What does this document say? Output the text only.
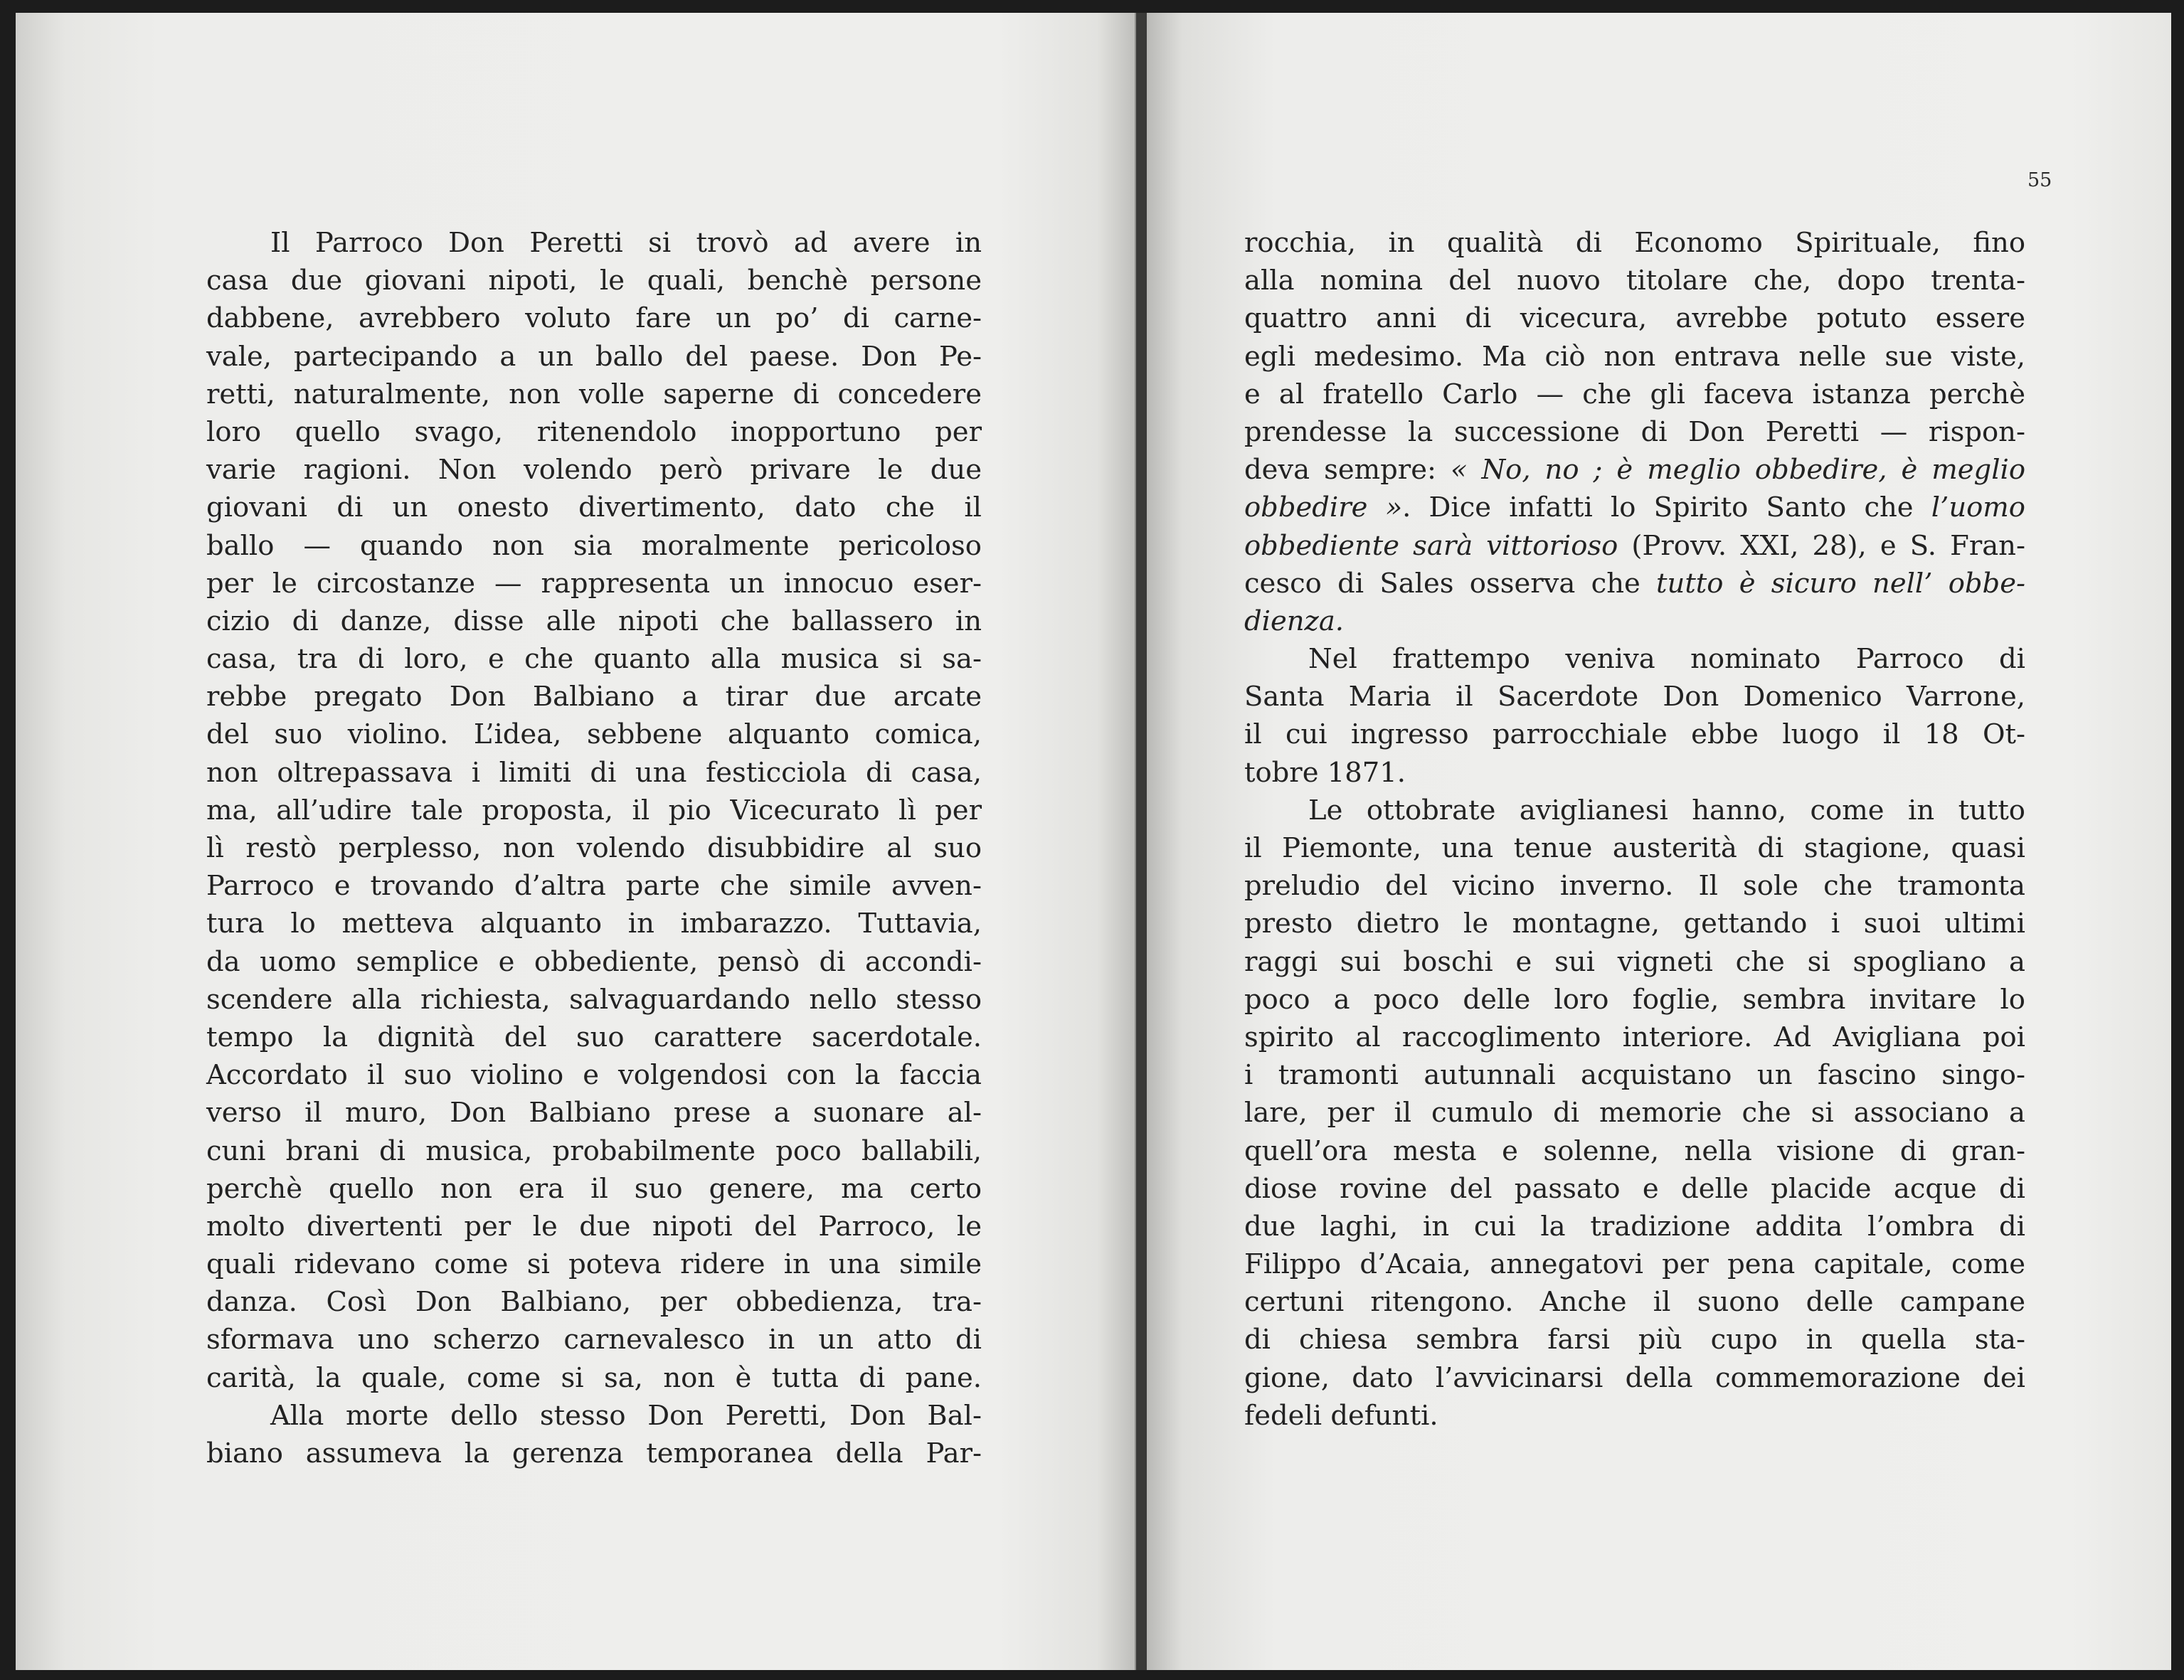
Il Parroco Don Peretti si trovò ad avere in
casa due giovani nipoti, le quali, benchè persone
dabbene, avrebbero voluto fare un po’ di carne-
vale, partecipando a un ballo del paese. Don Pe-
retti, naturalmente, non volle saperne di concedere
loro quello svago, ritenendolo inopportuno per
varie ragioni. Non volendo però privare le due
giovani di un onesto divertimento, dato che il
ballo — quando non sia moralmente pericoloso
per le circostanze — rappresenta un innocuo eser-
cizio di danze, disse alle nipoti che ballassero in
casa, tra di loro, e che quanto alla musica si sa-
rebbe pregato Don Balbiano a tirar due arcate
del suo violino. L’idea, sebbene alquanto comica,
non oltrepassava i limiti di una festicciola di casa,
ma, all’udire tale proposta, il pio Vicecurato lì per
lì restò perplesso, non volendo disubbidire al suo
Parroco e trovando d’altra parte che simile avven-
tura lo metteva alquanto in imbarazzo. Tuttavia,
da uomo semplice e obbediente, pensò di accondi-
scendere alla richiesta, salvaguardando nello stesso
tempo la dignità del suo carattere sacerdotale.
Accordato il suo violino e volgendosi con la faccia
verso il muro, Don Balbiano prese a suonare al-
cuni brani di musica, probabilmente poco ballabili,
perchè quello non era il suo genere, ma certo
molto divertenti per le due nipoti del Parroco, le
quali ridevano come si poteva ridere in una simile
danza. Così Don Balbiano, per obbedienza, tra-
sformava uno scherzo carnevalesco in un atto di
carità, la quale, come si sa, non è tutta di pane.
Alla morte dello stesso Don Peretti, Don Bal-
biano assumeva la gerenza temporanea della Par-
55
rocchia, in qualità di Economo Spirituale, fino
alla nomina del nuovo titolare che, dopo trenta-
quattro anni di vicecura, avrebbe potuto essere
egli medesimo. Ma ciò non entrava nelle sue viste,
e al fratello Carlo — che gli faceva istanza perchè
prendesse la successione di Don Peretti — rispon-
deva sempre: « No, no ; è meglio obbedire, è meglio
obbedire ». Dice infatti lo Spirito Santo che l’uomo
obbediente sarà vittorioso (Provv. XXI, 28), e S. Fran-
cesco di Sales osserva che tutto è sicuro nell’ obbe-
dienza.
Nel frattempo veniva nominato Parroco di
Santa Maria il Sacerdote Don Domenico Varrone,
il cui ingresso parrocchiale ebbe luogo il 18 Ot-
tobre 1871.
Le ottobrate aviglianesi hanno, come in tutto
il Piemonte, una tenue austerità di stagione, quasi
preludio del vicino inverno. Il sole che tramonta
presto dietro le montagne, gettando i suoi ultimi
raggi sui boschi e sui vigneti che si spogliano a
poco a poco delle loro foglie, sembra invitare lo
spirito al raccoglimento interiore. Ad Avigliana poi
i tramonti autunnali acquistano un fascino singo-
lare, per il cumulo di memorie che si associano a
quell’ora mesta e solenne, nella visione di gran-
diose rovine del passato e delle placide acque di
due laghi, in cui la tradizione addita l’ombra di
Filippo d’Acaia, annegatovi per pena capitale, come
certuni ritengono. Anche il suono delle campane
di chiesa sembra farsi più cupo in quella sta-
gione, dato l’avvicinarsi della commemorazione dei
fedeli defunti.
